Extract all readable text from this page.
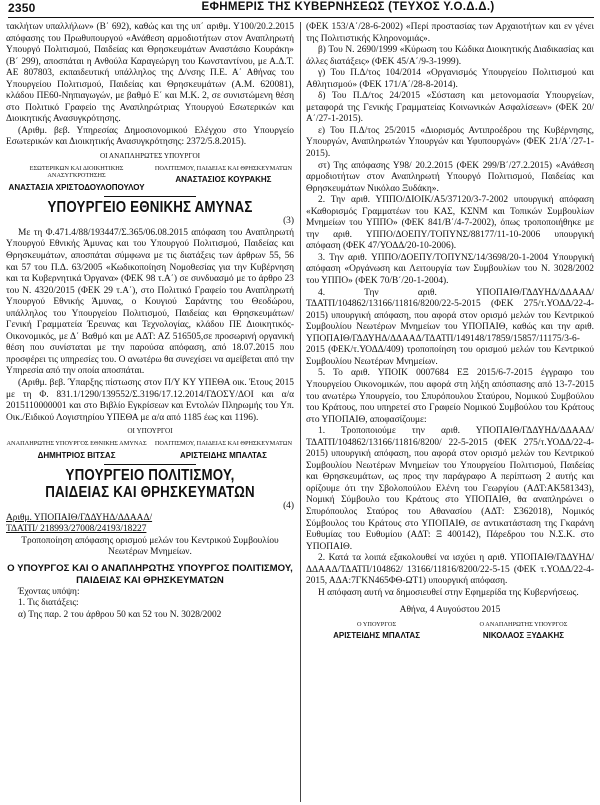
2350	ΕΦΗΜΕΡΙΣ ΤΗΣ ΚΥΒΕΡΝΗΣΕΩΣ (ΤΕΥΧΟΣ Υ.Ο.Δ.Δ.)

τακλήτων υπαλλήλων» (Β΄ 692), καθώς και της υπ΄ αριθμ. Υ100/20.2.2015 απόφασης του Πρωθυπουργού «Ανάθεση αρμοδιοτήτων στον Αναπληρωτή Υπουργό Πολιτισμού, Παιδείας και Θρησκευμάτων Αναστάσιο Κουράκη» (Β΄ 299), αποσπάται η Ανθούλα Καραγεώργη του Κωνσταντίνου, με Α.Δ.Τ. ΑΕ 807803, εκπαιδευτική υπάλληλος της Δ/νσης Π.Ε. Α΄ Αθήνας του Υπουργείου Πολιτισμού, Παιδείας και Θρησκευμάτων (Α.Μ. 620081), κλάδου ΠΕ60-Νηπιαγωγών, με βαθμό Ε΄ και Μ.Κ. 2, σε συνιστώμενη θέση στο Πολιτικό Γραφείο της Αναπληρώτριας Υπουργού Εσωτερικών και Διοικητικής Ανασυγκρότησης.

(Αριθμ. βεβ. Υπηρεσίας Δημοσιονομικού Ελέγχου στο Υπουργείο Εσωτερικών και Διοικητικής Ανασυγκρότησης: 2372/5.8.2015).

ΟΙ ΑΝΑΠΛΗΡΩΤΕΣ ΥΠΟΥΡΓΟΙ
ΕΣΩΤΕΡΙΚΩΝ ΚΑΙ ΔΙΟΙΚΗΤΙΚΗΣ ΑΝΑΣΥΓΚΡΟΤΗΣΗΣ
ΑΝΑΣΤΑΣΙΑ ΧΡΙΣΤΟΔΟΥΛΟΠΟΥΛΟΥ
ΠΟΛΙΤΙΣΜΟΥ, ΠΑΙΔΕΙΑΣ ΚΑΙ ΘΡΗΣΚΕΥΜΑΤΩΝ
ΑΝΑΣΤΑΣΙΟΣ ΚΟΥΡΑΚΗΣ
ΥΠΟΥΡΓΕΙΟ ΕΘΝΙΚΗΣ ΑΜΥΝΑΣ
(3)

Με τη Φ.471.4/88/193447/Σ.365/06.08.2015 απόφαση του Αναπληρωτή Υπουργού Εθνικής Άμυνας και του Υπουργού Πολιτισμού, Παιδείας και Θρησκευμάτων, αποσπάται σύμφωνα με τις διατάξεις των άρθρων 55, 56 και 57 του Π.Δ. 63/2005 «Κωδικοποίηση Νομοθεσίας για την Κυβέρνηση και τα Κυβερνητικά Όργανα» (ΦΕΚ 98 τ.Α΄) σε συνδυασμό με το άρθρο 23 του Ν. 4320/2015 (ΦΕΚ 29 τ.Α΄), στο Πολιτικό Γραφείο του Αναπληρωτή Υπουργού Εθνικής Άμυνας, ο Κουγιού Σαράντης του Θεοδώρου, υπάλληλος του Υπουργείου Πολιτισμού, Παιδείας και Θρησκευμάτων/Γενική Γραμματεία Έρευνας και Τεχνολογίας, κλάδου ΠΕ Διοικητικός-Οικονομικός, με Δ΄ Βαθμό και με ΑΔΤ: ΑΖ 516505,σε προσωρινή οργανική θέση που συνίσταται με την παρούσα απόφαση, από 18.07.2015 που προσφέρει τις υπηρεσίες του. Ο ανωτέρω θα συνεχίσει να αμείβεται από την Υπηρεσία από την οποία αποσπάται.

(Αριθμ. βεβ. Ύπαρξης πίστωσης στον Π/Υ ΚΥ ΥΠΕΘΑ οικ. Έτους 2015 με τη Φ. 831.1/1290/139552/Σ.3196/17.12.2014/ΓΔΟΣΥ/ΔΟΙ και α/α 2015110000001 και στο Βιβλίο Εγκρίσεων και Εντολών Πληρωμής του Υπ. Οικ./Ειδικού Λογιστηρίου ΥΠΕΘΑ με α/α από 1185 έως και 1196).

ΟΙ ΥΠΟΥΡΓΟΙ
ΑΝΑΠΛΗΡΩΤΗΣ ΥΠΟΥΡΓΟΣ ΕΘΝΙΚΗΣ ΑΜΥΝΑΣ
ΔΗΜΗΤΡΙΟΣ ΒΙΤΣΑΣ
ΠΟΛΙΤΙΣΜΟΥ, ΠΑΙΔΕΙΑΣ ΚΑΙ ΘΡΗΣΚΕΥΜΑΤΩΝ
ΑΡΙΣΤΕΙΔΗΣ ΜΠΑΛΤΑΣ
ΥΠΟΥΡΓΕΙΟ ΠΟΛΙΤΙΣΜΟΥ,
ΠΑΙΔΕΙΑΣ ΚΑΙ ΘΡΗΣΚΕΥΜΑΤΩΝ
(4)
Αριθμ. ΥΠΟΠΑΙΘ/ΓΔΔΥΗΔ/ΔΔΑΑΔ/
ΤΔΑΤΠ/ 218993/27008/24193/18227

Τροποποίηση απόφασης ορισμού μελών του Κεντρικού Συμβουλίου Νεωτέρων Μνημείων.

Ο ΥΠΟΥΡΓΟΣ ΚΑΙ Ο ΑΝΑΠΛΗΡΩΤΗΣ ΥΠΟΥΡΓΟΣ ΠΟΛΙΤΙΣΜΟΥ, ΠΑΙΔΕΙΑΣ ΚΑΙ ΘΡΗΣΚΕΥΜΑΤΩΝ

Έχοντας υπόψη:

1. Τις διατάξεις:

α) Της παρ. 2 του άρθρου 50 και 52 του Ν. 3028/2002

(ΦΕΚ 153/Α΄/28-6-2002) «Περί προστασίας των Αρχαιοτήτων και εν γένει της Πολιτιστικής Κληρονομιάς».

β) Του Ν. 2690/1999 «Κύρωση του Κώδικα Διοικητικής Διαδικασίας και άλλες διατάξεις» (ΦΕΚ 45/Α΄/9-3-1999).

γ) Του Π.Δ/τος 104/2014 «Οργανισμός Υπουργείου Πολιτισμού και Αθλητισμού» (ΦΕΚ 171/Α΄/28-8-2014).

δ) Του Π.Δ/τος 24/2015 «Σύσταση και μετονομασία Υπουργείων, μεταφορά της Γενικής Γραμματείας Κοινωνικών Ασφαλίσεων» (ΦΕΚ 20/Α΄/27-1-2015).

ε) Του Π.Δ/τος 25/2015 «Διορισμός Αντιπροέδρου της Κυβέρνησης, Υπουργών, Αναπληρωτών Υπουργών και Υφυπουργών» (ΦΕΚ 21/Α΄/27-1-2015).

στ) Της απόφασης Υ98/ 20.2.2015 (ΦΕΚ 299/Β΄/27.2.2015) «Ανάθεση αρμοδιοτήτων στον Αναπληρωτή Υπουργό Πολιτισμού, Παιδείας και Θρησκευμάτων Νικόλαο Ξυδάκη».

2. Την αριθ. ΥΠΠΟ/ΔΙΟΙΚ/Α5/37120/3-7-2002 υπουργική απόφαση «Καθορισμός Γραμματέων του ΚΑΣ, ΚΣΝΜ και Τοπικών Συμβουλίων Μνημείων του ΥΠΠΟ» (ΦΕΚ 841/Β΄/4-7-2002), όπως τροποποιήθηκε με την αριθ. ΥΠΠΟ/ΔΟΕΠΥ/ΤΟΠΥΝΣ/88177/11-10-2006 υπουργική απόφαση (ΦΕΚ 47/ΥΟΔΔ/20-10-2006).

3. Την αριθ. ΥΠΠΟ/ΔΟΕΠΥ/ΤΟΠΥΝΣ/14/3698/20-1-2004 Υπουργική απόφαση «Οργάνωση και Λειτουργία των Συμβουλίων του Ν. 3028/2002 του ΥΠΠΟ» (ΦΕΚ 70/Β΄/20-1-2004).

4. Την αριθ. ΥΠΟΠΑΙΘ/ΓΔΔΥΗΔ/ΔΔΑΑΔ/ΤΔΑΤΠ/104862/13166/11816/8200/22-5-2015 (ΦΕΚ 275/τ.ΥΟΔΔ/22-4-2015) υπουργική απόφαση, που αφορά στον ορισμό μελών του Κεντρικού Συμβουλίου Νεωτέρων Μνημείων του ΥΠΟΠΑΙΘ, καθώς και την αριθ. ΥΠΟΠΑΙΘ/ΓΔΔΥΗΔ/ΔΔΑΑΔ/ΤΔΑΤΠ/149148/17859/15857/11175/3-6-2015 (ΦΕΚ/τ.ΥΟΔΔ/409) τροποποίηση του ορισμού μελών του Κεντρικού Συμβουλίου Νεωτέρων Μνημείων.

5. Το αριθ. ΥΠΟΙΚ 0007684 ΕΞ 2015/6-7-2015 έγγραφο του Υπουργείου Οικονομικών, που αφορά στη λήξη απόσπασης από 13-7-2015 του ανωτέρω Υπουργείο, του Σπυρόπουλου Σταύρου, Νομικού Συμβούλου του Κράτους, που υπηρετεί στο Γραφείο Νομικού Συμβούλου του Κράτους στο ΥΠΟΠΑΙΘ, αποφασίζουμε:

1. Τροποποιούμε την αριθ. ΥΠΟΠΑΙΘ/ΓΔΔΥΗΔ/ΔΔΑΑΔ/ΤΔΑΤΠ/104862/13166/11816/8200/ 22-5-2015 (ΦΕΚ 275/τ.ΥΟΔΔ/22-4-2015) υπουργική απόφαση, που αφορά στον ορισμό μελών του Κεντρικού Συμβουλίου Νεωτέρων Μνημείων του Υπουργείου Πολιτισμού, Παιδείας και Θρησκευμάτων, ως προς την παράγραφο Α περίπτωση 2 αυτής και ορίζουμε ότι την Σβολοπούλου Ελένη του Γεωργίου (ΑΔΤ:ΑΚ581343), Νομική Σύμβουλο του Κράτους στο ΥΠΟΠΑΙΘ, θα αναπληρώνει ο Σπυρόπουλος Σταύρος του Αθανασίου (ΑΔΤ: Σ362018), Νομικός Σύμβουλος του Κράτους στο ΥΠΟΠΑΙΘ, σε αντικατάσταση της Γκαράνη Ευθυμίας του Ευθυμίου (ΑΔΤ: Ξ 400142), Πάρεδρου του Ν.Σ.Κ. στο ΥΠΟΠΑΙΘ.

2. Κατά τα λοιπά εξακολουθεί να ισχύει η αριθ. ΥΠΟΠΑΙΘ/ΓΔΔΥΗΔ/ΔΔΑΑΔ/ΤΔΑΤΠ/104862/ 13166/11816/8200/22-5-15 (ΦΕΚ τ.ΥΟΔΔ/22-4-2015, ΑΔΑ:7ΓΚΝ465ΦΘ-ΩΤ1) υπουργική απόφαση.

Η απόφαση αυτή να δημοσιευθεί στην Εφημερίδα της Κυβερνήσεως.

Αθήνα, 4 Αυγούστου 2015
Ο ΥΠΟΥΡΓΟΣ
ΑΡΙΣΤΕΙΔΗΣ ΜΠΑΛΤΑΣ
Ο ΑΝΑΠΛΗΡΩΤΗΣ ΥΠΟΥΡΓΟΣ
ΝΙΚΟΛΑΟΣ ΞΥΔΑΚΗΣ
